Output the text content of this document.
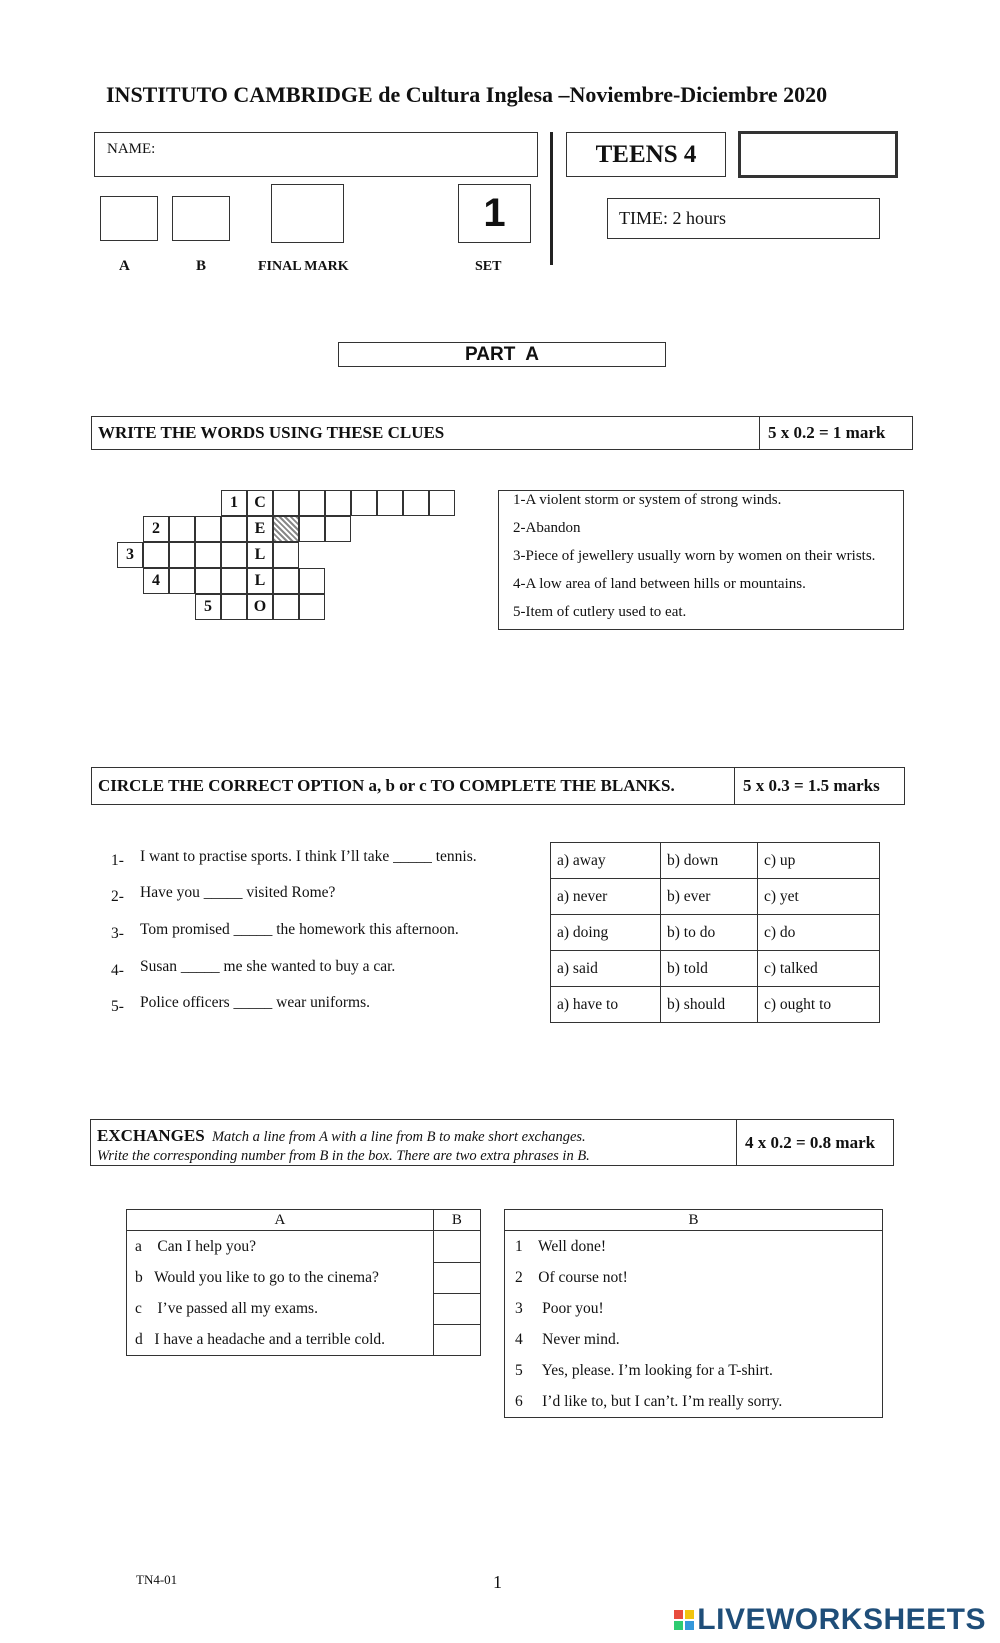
INSTITUTO CAMBRIDGE de Cultura Inglesa –Noviembre-Diciembre 2020
NAME:	TEENS 4
1	TIME: 2 hours
A	B	FINAL MARK	SET
PART  A
WRITE THE WORDS USING THESE CLUES	5 x 0.2 = 1 mark
1	C
2	E
3	L
4	L
5	O
1-A violent storm or system of strong winds.
2-Abandon
3-Piece of jewellery usually worn by women on their wrists.
4-A low area of land between hills or mountains.
5-Item of cutlery used to eat.
CIRCLE THE CORRECT OPTION a, b or c TO COMPLETE THE BLANKS.	5 x 0.3 = 1.5 marks
1- I want to practise sports. I think I’ll take _____ tennis.
2- Have you _____ visited Rome?
3- Tom promised _____ the homework this afternoon.
4- Susan _____ me she wanted to buy a car.
5- Police officers _____ wear uniforms.
a) away	b) down	c) up
a) never	b) ever	c) yet
a) doing	b) to do	c) do
a) said	b) told	c) talked
a) have to	b) should	c) ought to
EXCHANGES Match a line from A with a line from B to make short exchanges.
Write the corresponding number from B in the box. There are two extra phrases in B.
4 x 0.2 = 0.8 mark
A	B
a Can I help you?	
b Would you like to go to the cinema?	
c I’ve passed all my exams.	
d I have a headache and a terrible cold.	
B
1 Well done!
2 Of course not!
3 Poor you!
4 Never mind.
5 Yes, please. I’m looking for a T-shirt.
6 I’d like to, but I can’t. I’m really sorry.
TN4-01	1
LIVEWORKSHEETS
